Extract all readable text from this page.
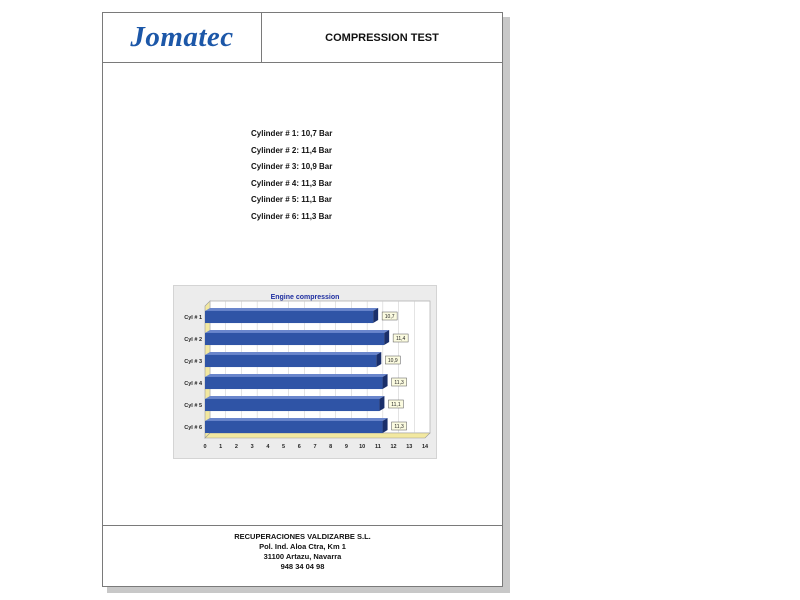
Jomatec	COMPRESSION TEST
Cylinder # 1: 10,7 Bar
Cylinder # 2: 11,4 Bar
Cylinder # 3: 10,9 Bar
Cylinder # 4: 11,3 Bar
Cylinder # 5: 11,1 Bar
Cylinder # 6: 11,3 Bar
Engine compression
0 1 2 3 4 5 6 7 8 9 10 11 12 13 14
Cyl # 1	10,7
Cyl # 2	11,4
Cyl # 3	10,9
Cyl # 4	11,3
Cyl # 5	11,1
Cyl # 6	11,3
RECUPERACIONES VALDIZARBE S.L.
Pol. Ind. Aloa Ctra, Km 1
31100 Artazu, Navarra
948 34 04 98
